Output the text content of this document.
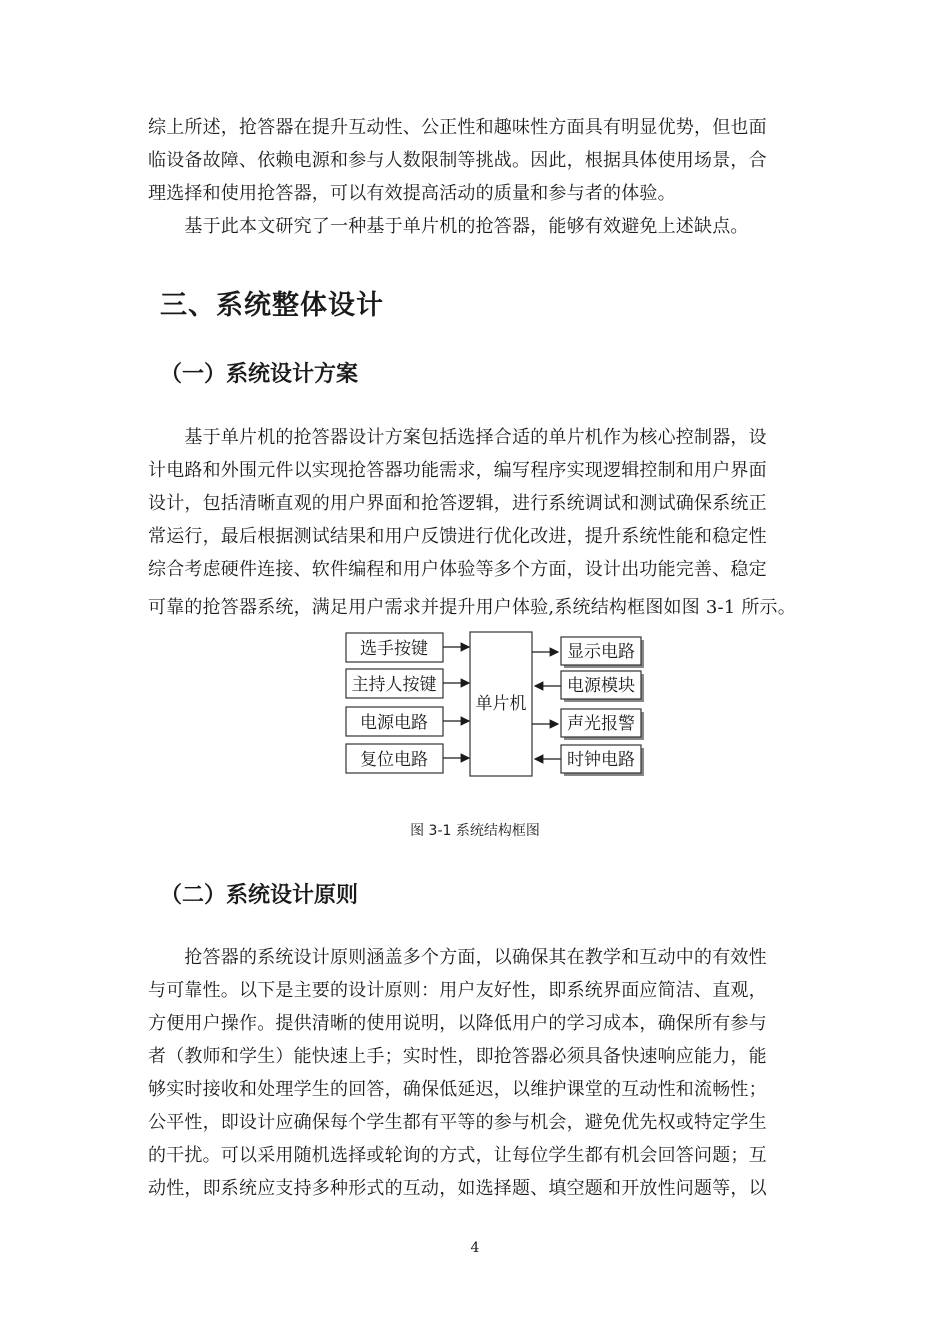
综上所述，抢答器在提升互动性、公正性和趣味性方面具有明显优势，但也面
临设备故障、依赖电源和参与人数限制等挑战。因此，根据具体使用场景，合
理选择和使用抢答器，可以有效提高活动的质量和参与者的体验。
　　基于此本文研究了一种基于单片机的抢答器，能够有效避免上述缺点。
三、系统整体设计
（一）系统设计方案
　　基于单片机的抢答器设计方案包括选择合适的单片机作为核心控制器，设
计电路和外围元件以实现抢答器功能需求，编写程序实现逻辑控制和用户界面
设计，包括清晰直观的用户界面和抢答逻辑，进行系统调试和测试确保系统正
常运行，最后根据测试结果和用户反馈进行优化改进，提升系统性能和稳定性
综合考虑硬件连接、软件编程和用户体验等多个方面，设计出功能完善、稳定
可靠的抢答器系统，满足用户需求并提升用户体验,系统结构框图如图 3-1 所示。
选手按键
主持人按键
电源电路
复位电路
单片机
显示电路
电源模块
声光报警
时钟电路
图 3-1 系统结构框图
（二）系统设计原则
　　抢答器的系统设计原则涵盖多个方面，以确保其在教学和互动中的有效性
与可靠性。以下是主要的设计原则：用户友好性，即系统界面应简洁、直观，
方便用户操作。提供清晰的使用说明，以降低用户的学习成本，确保所有参与
者（教师和学生）能快速上手；实时性，即抢答器必须具备快速响应能力，能
够实时接收和处理学生的回答，确保低延迟，以维护课堂的互动性和流畅性；
公平性，即设计应确保每个学生都有平等的参与机会，避免优先权或特定学生
的干扰。可以采用随机选择或轮询的方式，让每位学生都有机会回答问题；互
动性，即系统应支持多种形式的互动，如选择题、填空题和开放性问题等，以
4
